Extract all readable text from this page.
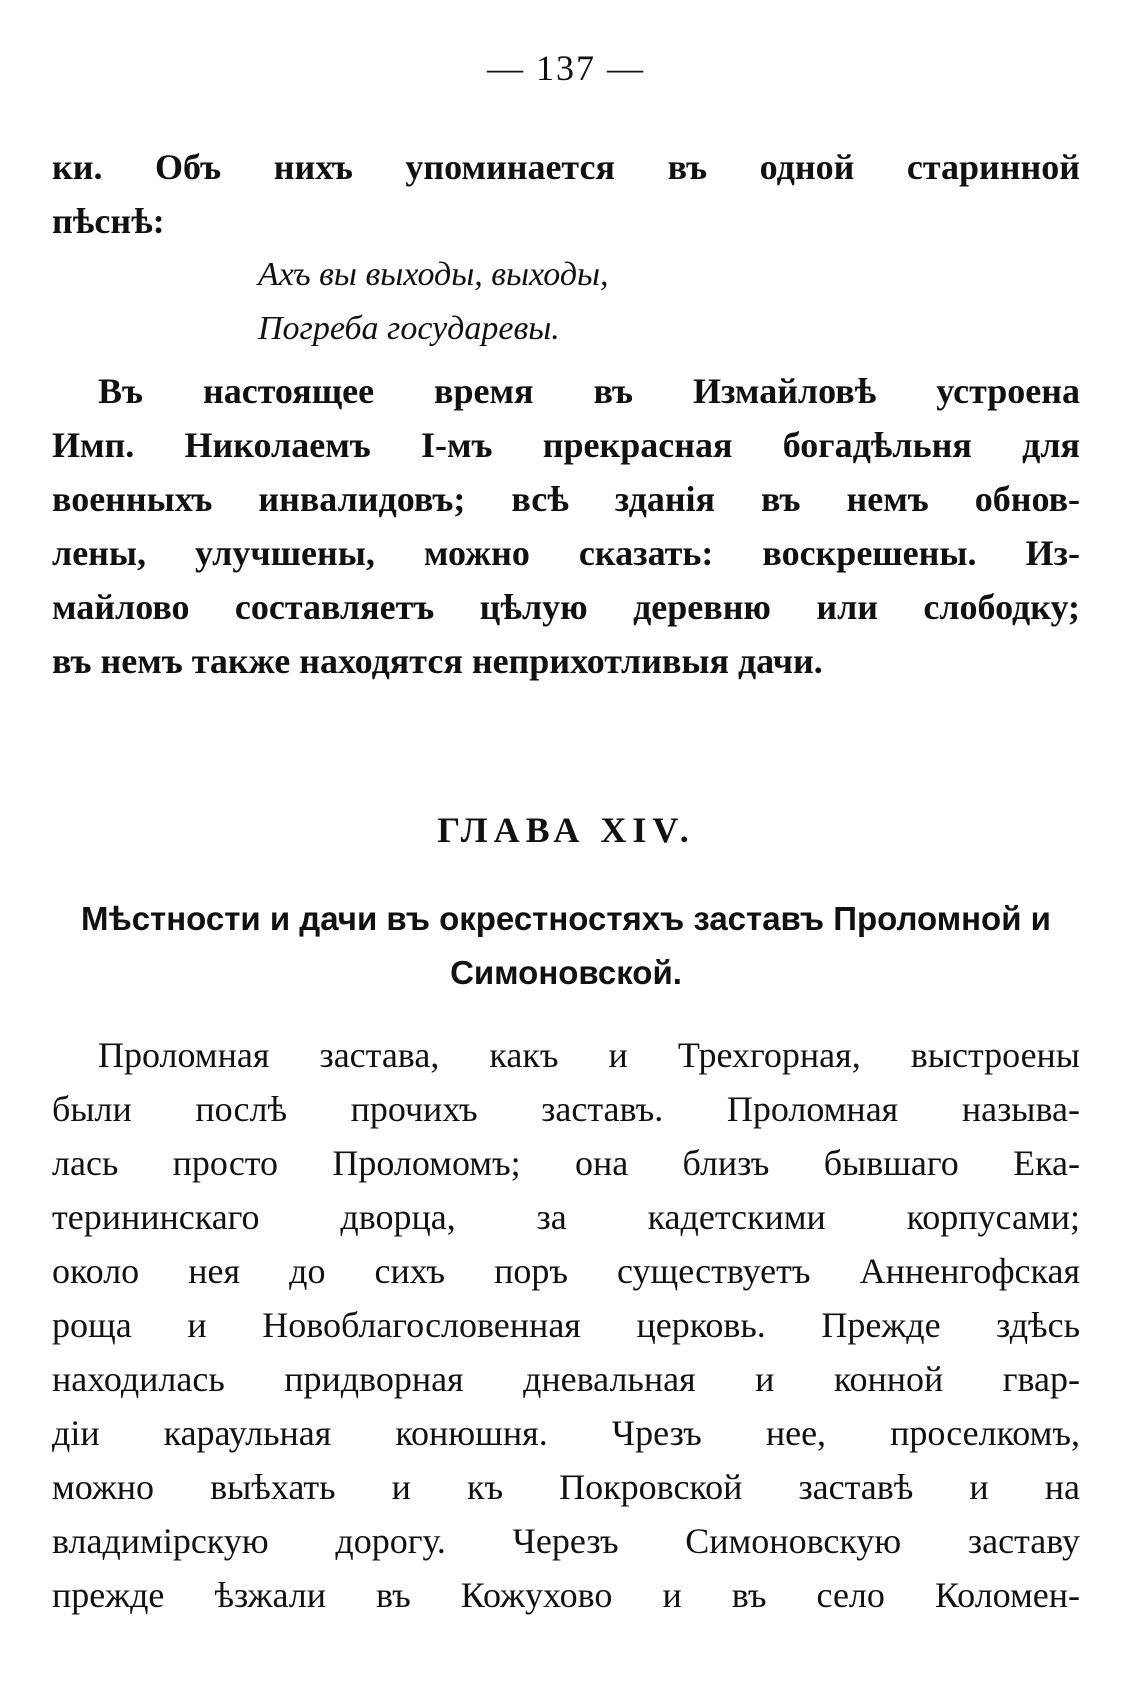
— 137 —
ки. Объ нихъ упоминается въ одной старинной
пѣснѣ:
Ахъ вы выходы, выходы,
Погреба государевы.
Въ настоящее время въ Измайловѣ устроена
Имп. Николаемъ I-мъ прекрасная богадѣльня для
военныхъ инвалидовъ; всѣ зданія въ немъ обнов-
лены, улучшены, можно сказать: воскрешены. Из-
майлово составляетъ цѣлую деревню или слободку;
въ немъ также находятся неприхотливыя дачи.
ГЛАВА XIV.
Мѣстности и дачи въ окрестностяхъ заставъ Проломной и
Симоновской.
Проломная застава, какъ и Трехгорная, выстроены
были послѣ прочихъ заставъ. Проломная называ-
лась просто Проломомъ; она близъ бывшаго Ека-
терининскаго дворца, за кадетскими корпусами;
около нея до сихъ поръ существуетъ Анненгофская
роща и Новоблагословенная церковь. Прежде здѣсь
находилась придворная дневальная и конной гвар-
діи караульная конюшня. Чрезъ нее, проселкомъ,
можно выѣхать и къ Покровской заставѣ и на
владимірскую дорогу. Черезъ Симоновскую заставу
прежде ѣзжали въ Кожухово и въ село Коломен-
